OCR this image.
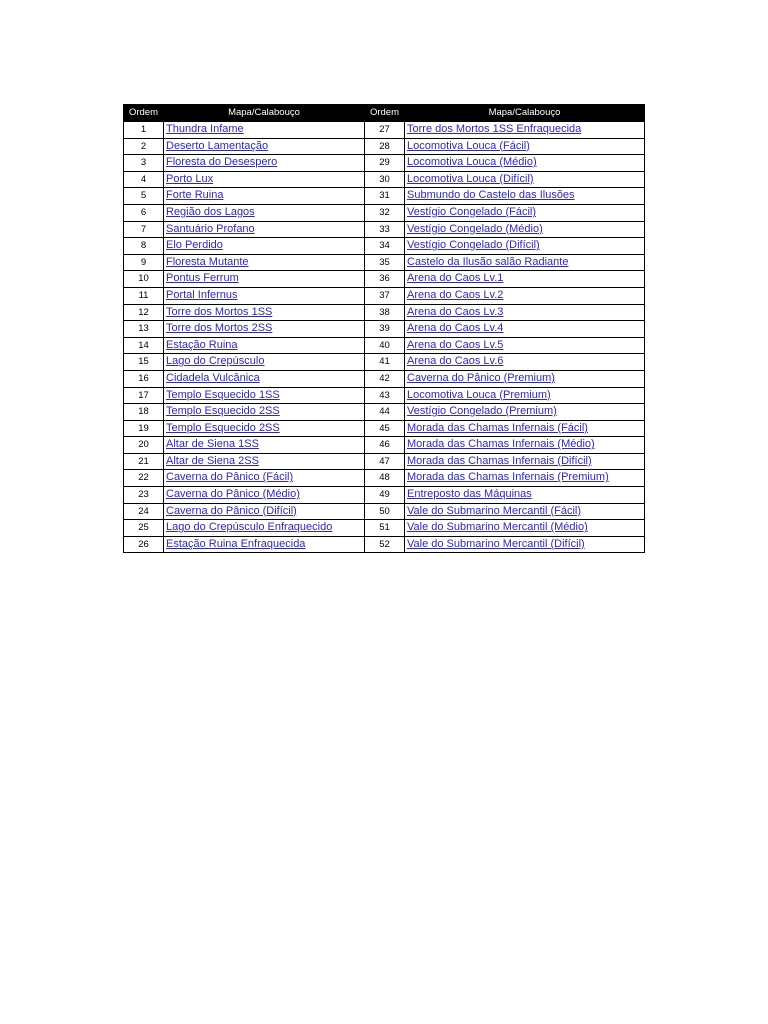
Ordem	Mapa/Calabouço	Ordem	Mapa/Calabouço
1	Thundra Infame	27	Torre dos Mortos 1SS Enfraquecida
2	Deserto Lamentação	28	Locomotiva Louca (Fácil)
3	Floresta do Desespero	29	Locomotiva Louca (Médio)
4	Porto Lux	30	Locomotiva Louca (Difícil)
5	Forte Ruina	31	Submundo do Castelo das Ilusões
6	Região dos Lagos	32	Vestígio Congelado (Fácil)
7	Santuário Profano	33	Vestígio Congelado (Médio)
8	Elo Perdido	34	Vestígio Congelado (Difícil)
9	Floresta Mutante	35	Castelo da Ilusão salão Radiante
10	Pontus Ferrum	36	Arena do Caos Lv.1
11	Portal Infernus	37	Arena do Caos Lv.2
12	Torre dos Mortos 1SS	38	Arena do Caos Lv.3
13	Torre dos Mortos 2SS	39	Arena do Caos Lv.4
14	Estação Ruina	40	Arena do Caos Lv.5
15	Lago do Crepúsculo	41	Arena do Caos Lv.6
16	Cidadela Vulcânica	42	Caverna do Pânico (Premium)
17	Templo Esquecido 1SS	43	Locomotiva Louca (Premium)
18	Templo Esquecido 2SS	44	Vestígio Congelado (Premium)
19	Templo Esquecido 2SS	45	Morada das Chamas Infernais (Fácil)
20	Altar de Siena 1SS	46	Morada das Chamas Infernais (Médio)
21	Altar de Siena 2SS	47	Morada das Chamas Infernais (Difícil)
22	Caverna do Pânico (Fácil)	48	Morada das Chamas Infernais (Premium)
23	Caverna do Pânico (Médio)	49	Entreposto das Máquinas
24	Caverna do Pânico (Difícil)	50	Vale do Submarino Mercantil (Fácil)
25	Lago do Crepúsculo Enfraquecido	51	Vale do Submarino Mercantil (Médio)
26	Estação Ruina Enfraquecida	52	Vale do Submarino Mercantil (Difícil)
